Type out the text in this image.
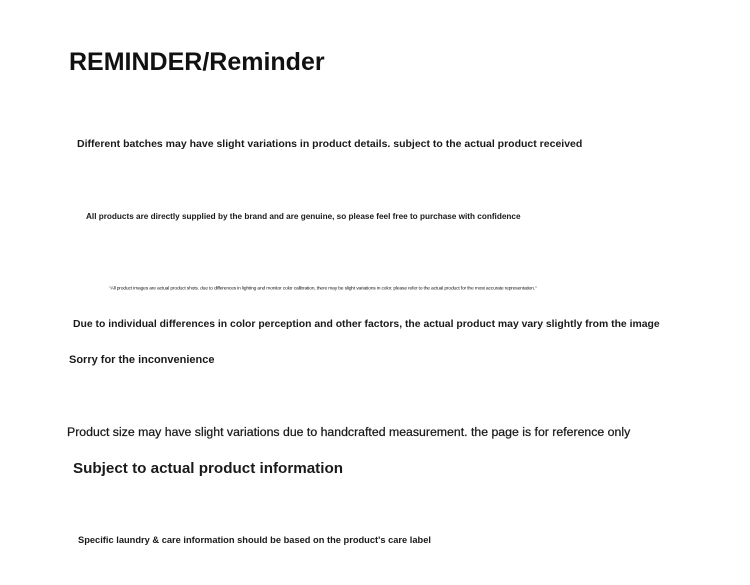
REMINDER/Reminder

Different batches may have slight variations in product details. subject to the actual product received

All products are directly supplied by the brand and are genuine, so please feel free to purchase with confidence

"All product images are actual product shots. due to differences in lighting and monitor color calibration, there may be slight variations in color. please refer to the actual product for the most accurate representation."

Due to individual differences in color perception and other factors, the actual product may vary slightly from the image

Sorry for the inconvenience

Product size may have slight variations due to handcrafted measurement. the page is for reference only

Subject to actual product information

Specific laundry & care information should be based on the product's care label
